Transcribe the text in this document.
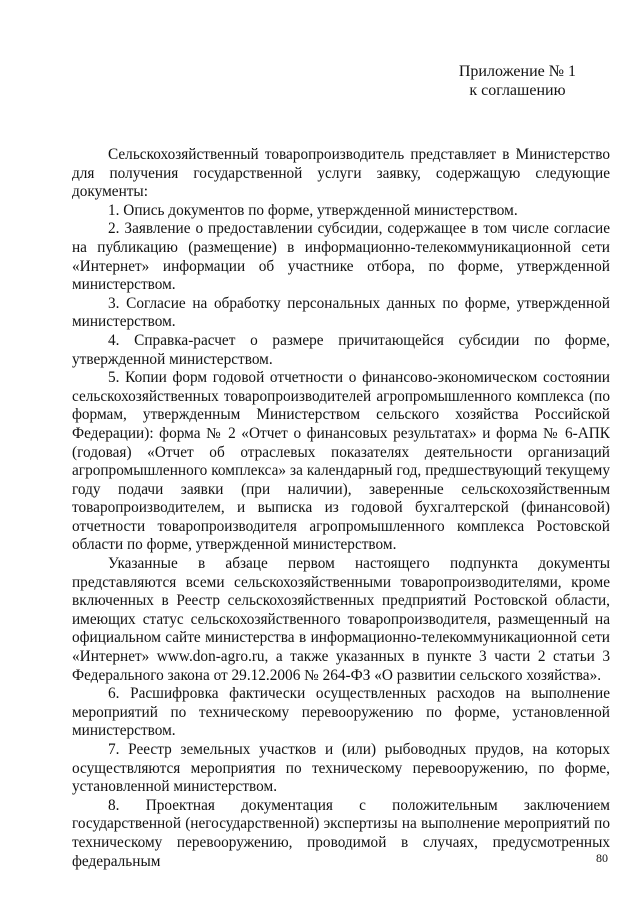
Приложение № 1
к соглашению

Сельскохозяйственный товаропроизводитель представляет в Министерство для получения государственной услуги заявку, содержащую следующие документы:

1. Опись документов по форме, утвержденной министерством.

2. Заявление о предоставлении субсидии, содержащее в том числе согласие на публикацию (размещение) в информационно-телекоммуникационной сети «Интернет» информации об участнике отбора, по форме, утвержденной министерством.

3. Согласие на обработку персональных данных по форме, утвержденной министерством.

4. Справка-расчет о размере причитающейся субсидии по форме, утвержденной министерством.

5. Копии форм годовой отчетности о финансово-экономическом состоянии сельскохозяйственных товаропроизводителей агропромышленного комплекса (по формам, утвержденным Министерством сельского хозяйства Российской Федерации): форма № 2 «Отчет о финансовых результатах» и форма № 6-АПК (годовая) «Отчет об отраслевых показателях деятельности организаций агропромышленного комплекса» за календарный год, предшествующий текущему году подачи заявки (при наличии), заверенные сельскохозяйственным товаропроизводителем, и выписка из годовой бухгалтерской (финансовой) отчетности товаропроизводителя агропромышленного комплекса Ростовской области по форме, утвержденной министерством.

Указанные в абзаце первом настоящего подпункта документы представляются всеми сельскохозяйственными товаропроизводителями, кроме включенных в Реестр сельскохозяйственных предприятий Ростовской области, имеющих статус сельскохозяйственного товаропроизводителя, размещенный на официальном сайте министерства в информационно-телекоммуникационной сети «Интернет» www.don-agro.ru, а также указанных в пункте 3 части 2 статьи 3 Федерального закона от 29.12.2006 № 264-ФЗ «О развитии сельского хозяйства».

6. Расшифровка фактически осуществленных расходов на выполнение мероприятий по техническому перевооружению по форме, установленной министерством.

7. Реестр земельных участков и (или) рыбоводных прудов, на которых осуществляются мероприятия по техническому перевооружению, по форме, установленной министерством.

8. Проектная документация с положительным заключением государственной (негосударственной) экспертизы на выполнение мероприятий по техническому перевооружению, проводимой в случаях, предусмотренных федеральным	80
